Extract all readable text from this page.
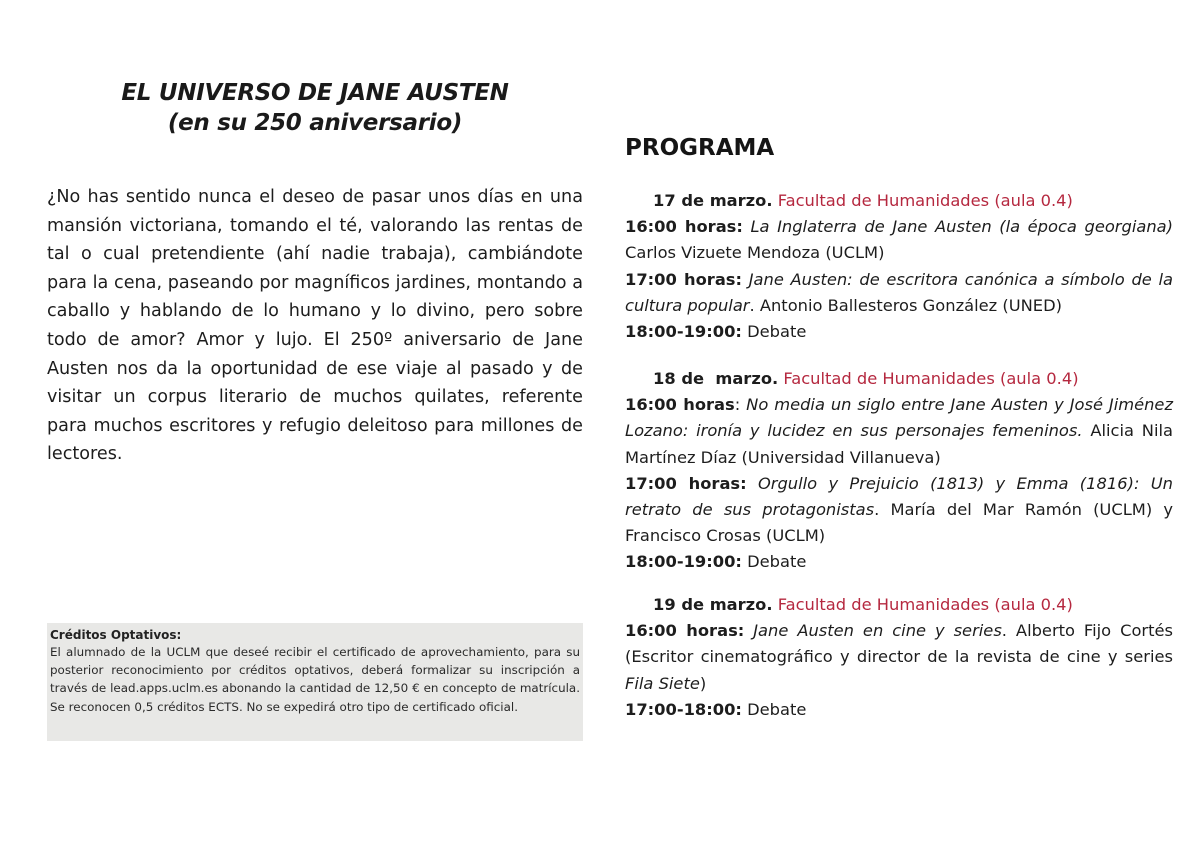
EL UNIVERSO DE JANE AUSTEN
(en su 250 aniversario)

¿No has sentido nunca el deseo de pasar unos días en una mansión victoriana, tomando el té, valorando las rentas de tal o cual pretendiente (ahí nadie trabaja), cambiándote para la cena, paseando por magníficos jardines, montando a caballo y hablando de lo humano y lo divino, pero sobre todo de amor? Amor y lujo. El 250º aniversario de Jane Austen nos da la oportunidad de ese viaje al pasado y de visitar un corpus literario de muchos quilates, referente para muchos escritores y refugio deleitoso para millones de lectores.

Créditos Optativos:

El alumnado de la UCLM que deseé recibir el certificado de aprovechamiento, para su posterior reconocimiento por créditos optativos, deberá formalizar su inscripción a través de lead.apps.uclm.es abonando la cantidad de 12,50 € en concepto de matrícula. Se reconocen 0,5 créditos ECTS. No se expedirá otro tipo de certificado oficial.

PROGRAMA

17 de marzo. Facultad de Humanidades (aula 0.4)

16:00 horas: La Inglaterra de Jane Austen (la época georgiana) Carlos Vizuete Mendoza (UCLM)

17:00 horas: Jane Austen: de escritora canónica a símbolo de la cultura popular. Antonio Ballesteros González (UNED)

18:00-19:00: Debate

18 de  marzo. Facultad de Humanidades (aula 0.4)

16:00 horas: No media un siglo entre Jane Austen y José Jiménez Lozano: ironía y lucidez en sus personajes femeninos. Alicia Nila Martínez Díaz (Universidad Villanueva)

17:00 horas: Orgullo y Prejuicio (1813) y Emma (1816): Un retrato de sus protagonistas. María del Mar Ramón (UCLM) y Francisco Crosas (UCLM)

18:00-19:00: Debate

19 de marzo. Facultad de Humanidades (aula 0.4)

16:00 horas: Jane Austen en cine y series. Alberto Fijo Cortés (Escritor cinematográfico y director de la revista de cine y series Fila Siete)

17:00-18:00: Debate
